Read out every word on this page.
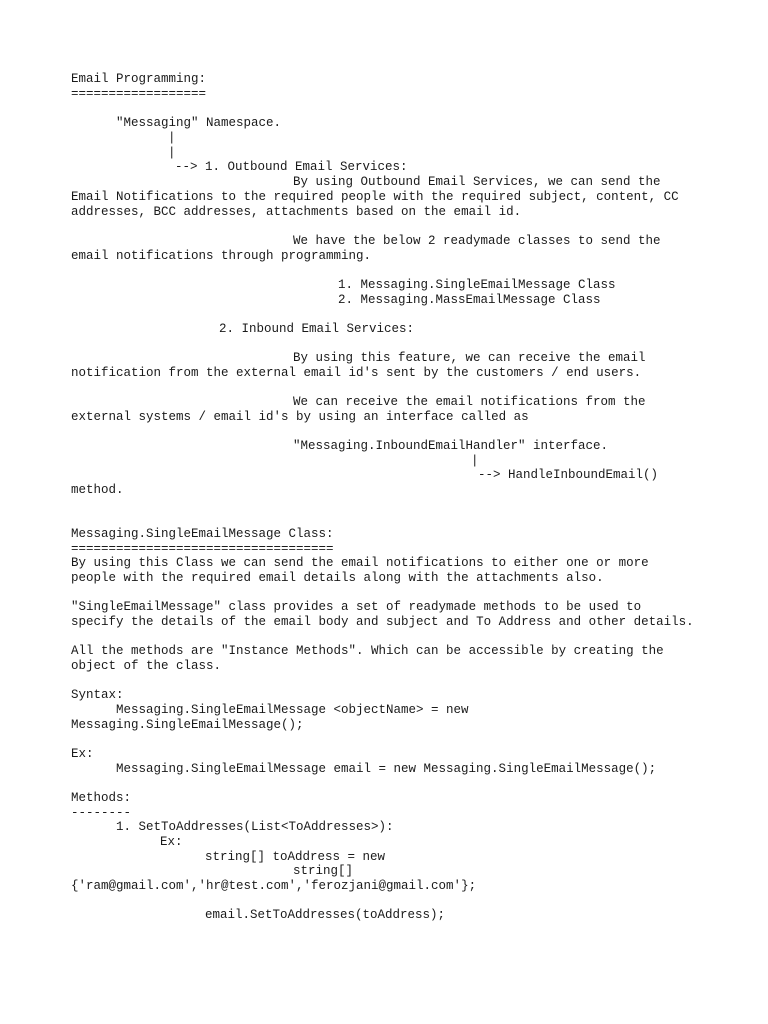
Email Programming:

==================

"Messaging" Namespace.

|

|

--> 1. Outbound Email Services:

By using Outbound Email Services, we can send the

Email Notifications to the required people with the required subject, content, CC

addresses, BCC addresses, attachments based on the email id.

We have the below 2 readymade classes to send the

email notifications through programming.

1. Messaging.SingleEmailMessage Class

2. Messaging.MassEmailMessage Class

2. Inbound Email Services:

By using this feature, we can receive the email

notification from the external email id's sent by the customers / end users.

We can receive the email notifications from the

external systems / email id's by using an interface called as

"Messaging.InboundEmailHandler" interface.

|

--> HandleInboundEmail()

method.

Messaging.SingleEmailMessage Class:

===================================

By using this Class we can send the email notifications to either one or more

people with the required email details along with the attachments also.

"SingleEmailMessage" class provides a set of readymade methods to be used to

specify the details of the email body and subject and To Address and other details.

All the methods are "Instance Methods". Which can be accessible by creating the

object of the class.

Syntax:

Messaging.SingleEmailMessage <objectName> = new

Messaging.SingleEmailMessage();

Ex:

Messaging.SingleEmailMessage email = new Messaging.SingleEmailMessage();

Methods:

--------

1. SetToAddresses(List<ToAddresses>):

Ex:

string[] toAddress = new

string[]

{'ram@gmail.com','hr@test.com','ferozjani@gmail.com'};

email.SetToAddresses(toAddress);
